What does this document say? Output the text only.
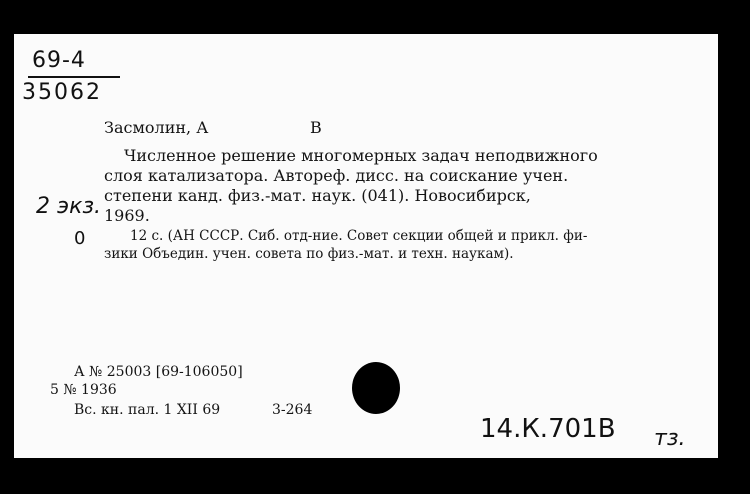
69-4
35062
Засмолин, А	В
Численное решение многомерных задач неподвижного
слоя катализатора. Автореф. дисс. на соискание учен.
степени канд. физ.-мат. наук. (041). Новосибирск,
1969.
2 экз.
0	12 с. (АН СССР. Сиб. отд-ние. Совет секции общей и прикл. фи-
зики Объедин. учен. совета по физ.-мат. и техн. наукам).
А № 25003 [69-106050]
5 № 1936
Вс. кн. пал. 1 XII 69	3-264
14.К.701В тз.
